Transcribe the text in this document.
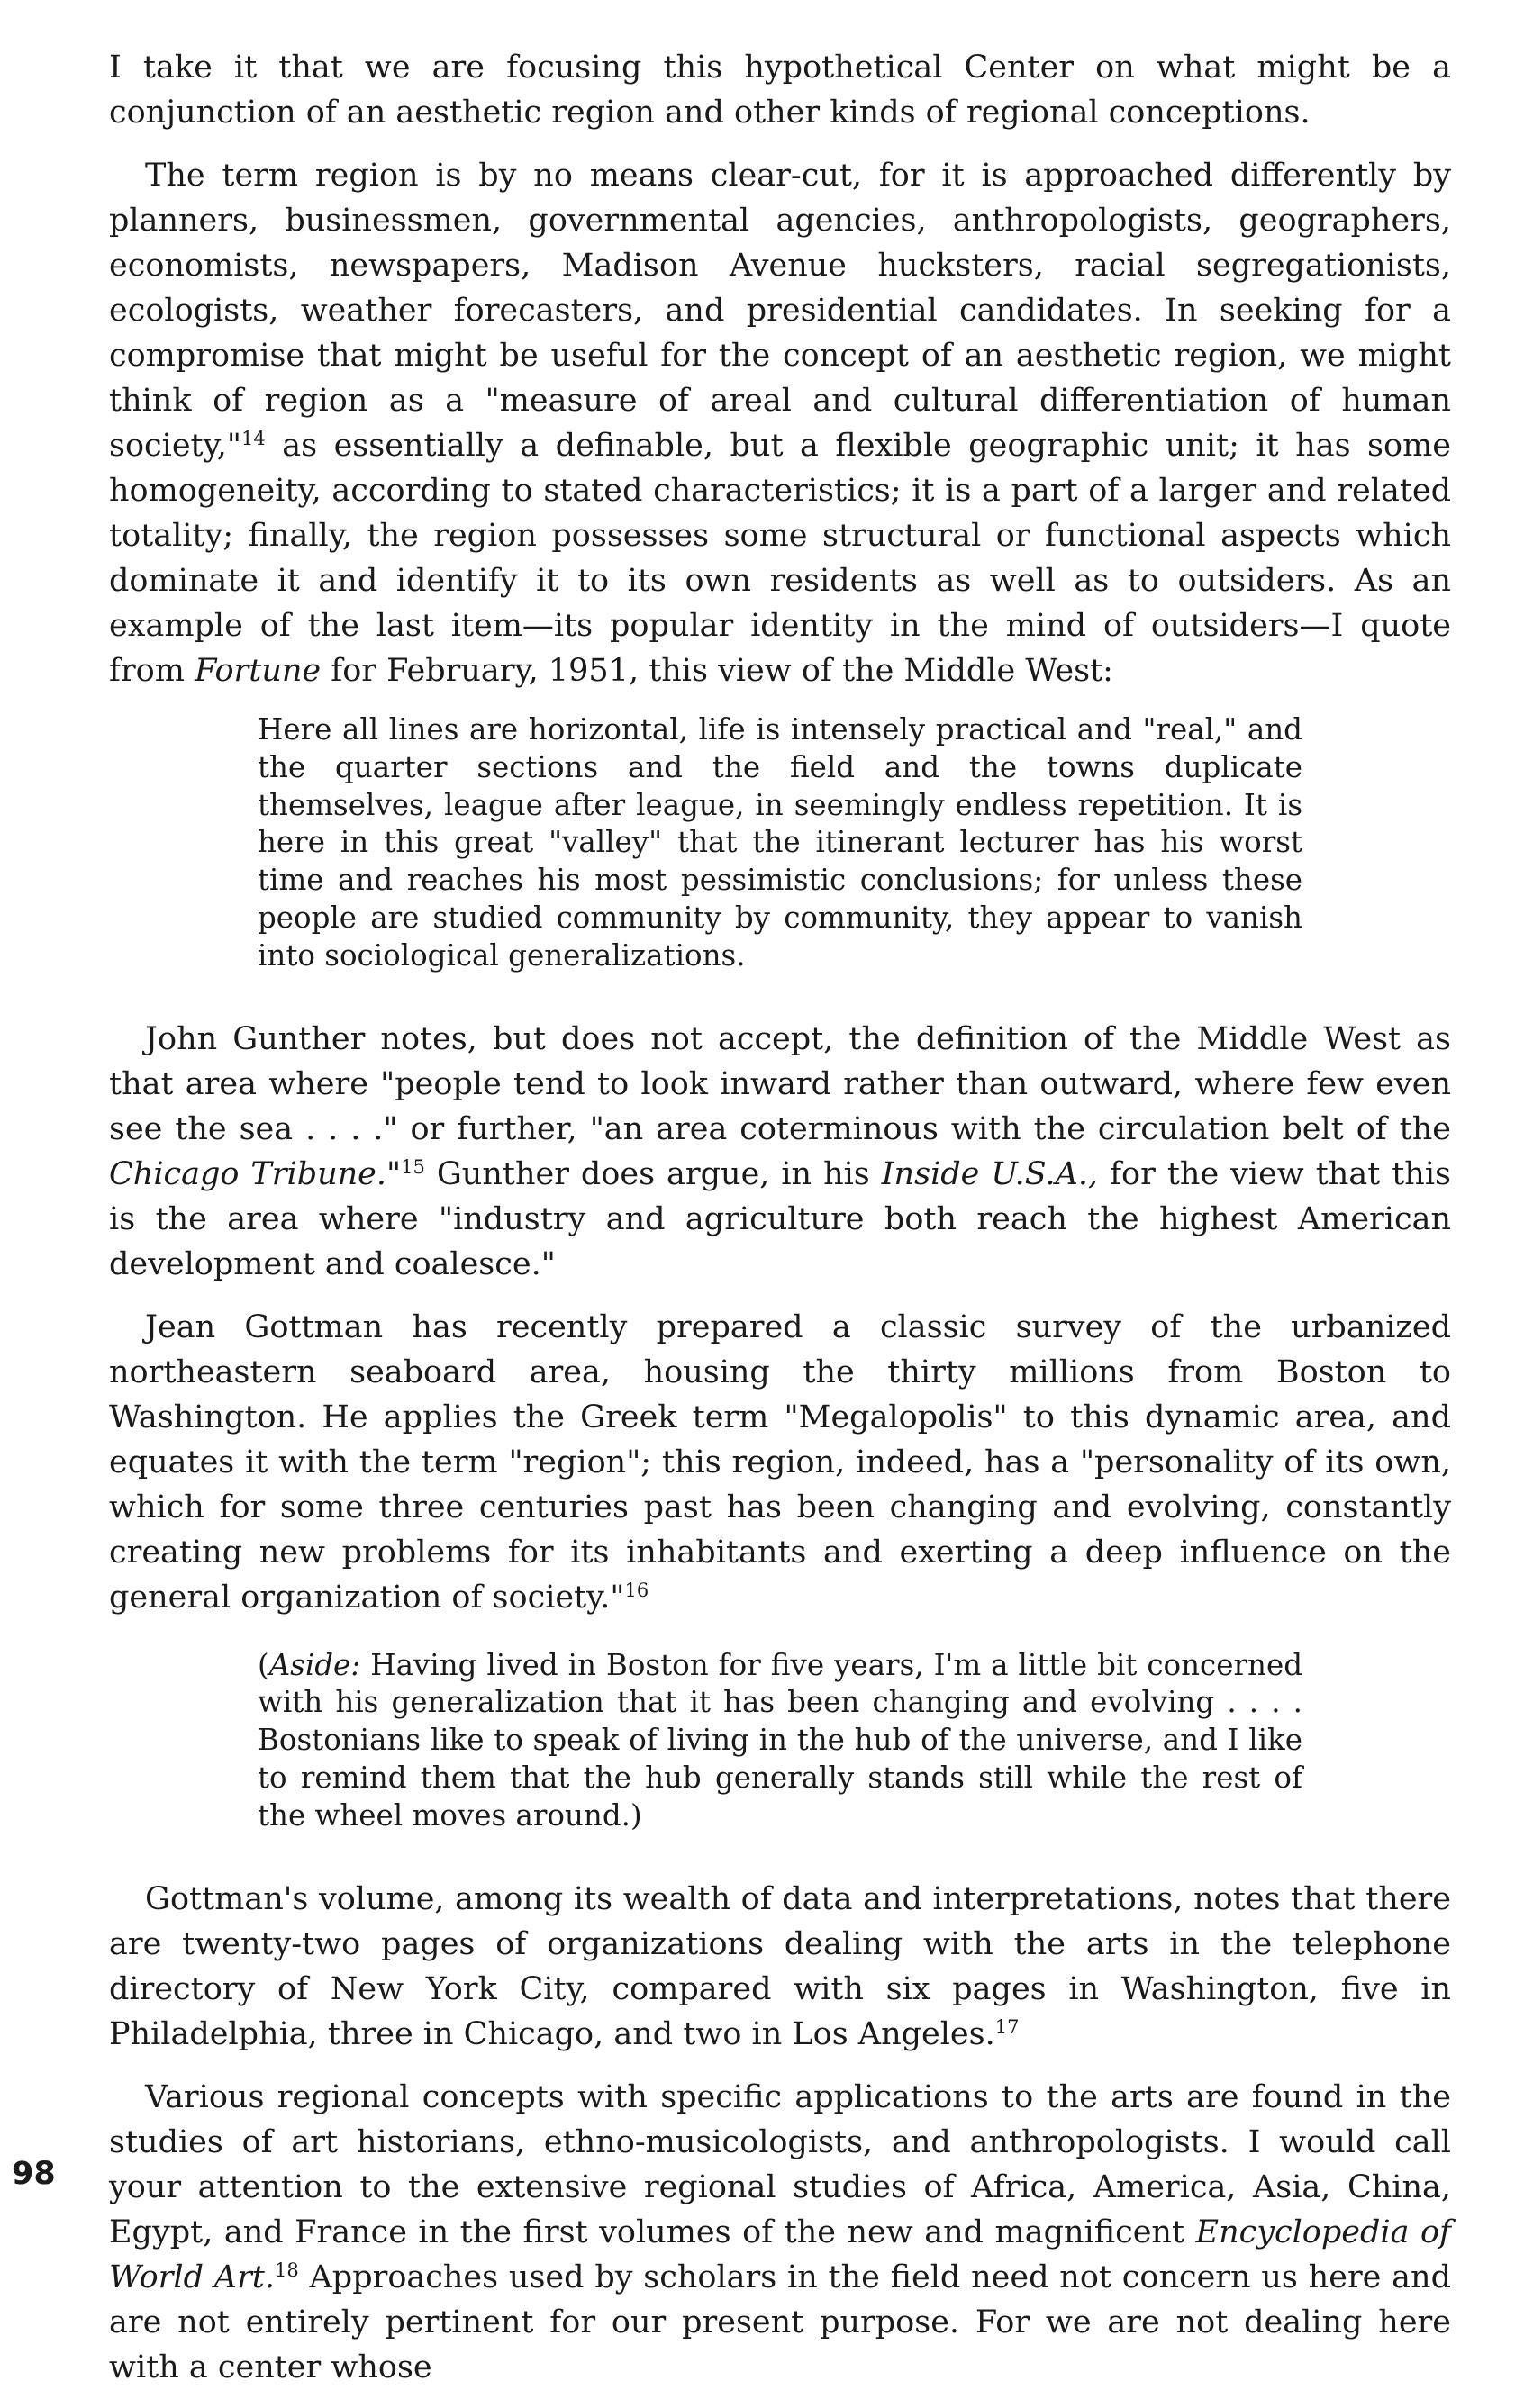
I take it that we are focusing this hypothetical Center on what might be a conjunction of an aesthetic region and other kinds of regional conceptions.

The term region is by no means clear-cut, for it is approached differently by planners, businessmen, governmental agencies, anthropologists, geographers, economists, newspapers, Madison Avenue hucksters, racial segregationists, ecologists, weather forecasters, and presidential candidates. In seeking for a compromise that might be useful for the concept of an aesthetic region, we might think of region as a "measure of areal and cultural differentiation of human society,"$^{14}$ as essentially a definable, but a flexible geographic unit; it has some homogeneity, according to stated characteristics; it is a part of a larger and related totality; finally, the region possesses some structural or functional aspects which dominate it and identify it to its own residents as well as to outsiders. As an example of the last item—its popular identity in the mind of outsiders—I quote from Fortune for February, 1951, this view of the Middle West:

Here all lines are horizontal, life is intensely practical and "real," and the quarter sections and the field and the towns duplicate themselves, league after league, in seemingly endless repetition. It is here in this great "valley" that the itinerant lecturer has his worst time and reaches his most pessimistic conclusions; for unless these people are studied community by community, they appear to vanish into sociological generalizations.

John Gunther notes, but does not accept, the definition of the Middle West as that area where "people tend to look inward rather than outward, where few even see the sea . . . ." or further, "an area coterminous with the circulation belt of the Chicago Tribune."$^{15}$ Gunther does argue, in his Inside U.S.A., for the view that this is the area where "industry and agriculture both reach the highest American development and coalesce."

Jean Gottman has recently prepared a classic survey of the urbanized northeastern seaboard area, housing the thirty millions from Boston to Washington. He applies the Greek term "Megalopolis" to this dynamic area, and equates it with the term "region"; this region, indeed, has a "personality of its own, which for some three centuries past has been changing and evolving, constantly creating new problems for its inhabitants and exerting a deep influence on the general organization of society."$^{16}$

(Aside: Having lived in Boston for five years, I'm a little bit concerned with his generalization that it has been changing and evolving . . . . Bostonians like to speak of living in the hub of the universe, and I like to remind them that the hub generally stands still while the rest of the wheel moves around.)

Gottman's volume, among its wealth of data and interpretations, notes that there are twenty-two pages of organizations dealing with the arts in the telephone directory of New York City, compared with six pages in Washington, five in Philadelphia, three in Chicago, and two in Los Angeles.$^{17}$

Various regional concepts with specific applications to the arts are found in the studies of art historians, ethno-musicologists, and anthropologists. I would call your attention to the extensive regional studies of Africa, America, Asia, China, Egypt, and France in the first volumes of the new and magnificent Encyclopedia of World Art.$^{18}$ Approaches used by scholars in the field need not concern us here and are not entirely pertinent for our present purpose. For we are not dealing here with a center whose

98
